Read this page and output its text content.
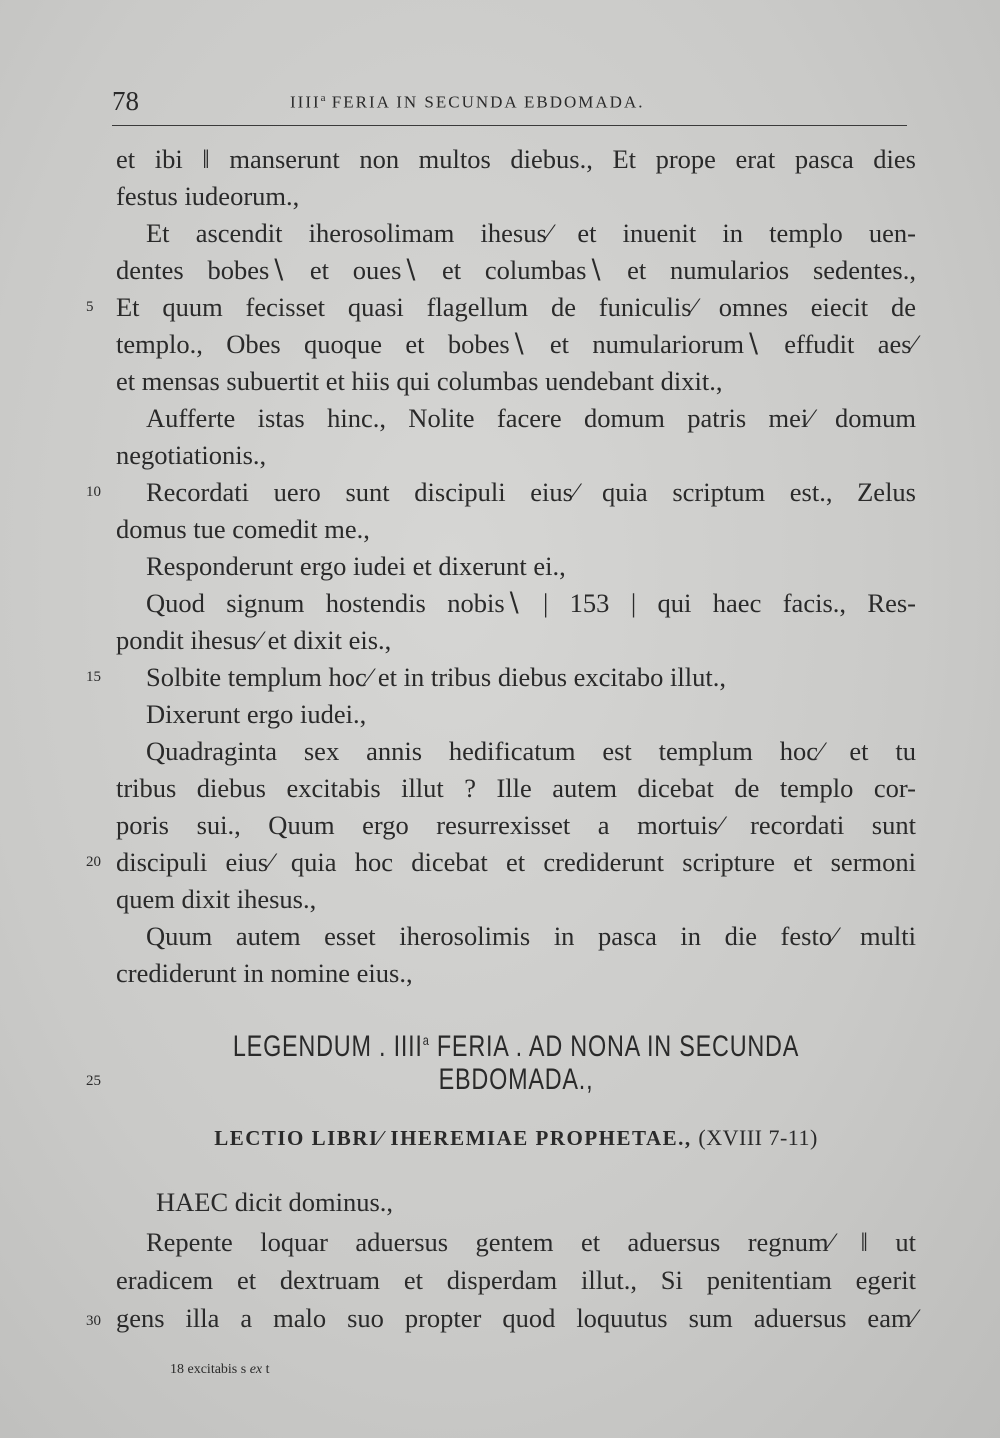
78	IIII$^a$ FERIA IN SECUNDA EBDOMADA.
et ibi ‖ manserunt non multos diebus., Et prope erat pasca dies
festus iudeorum.,
Et ascendit iherosolimam ihesus⁄ et inuenit in templo uen-
dentes bobes∖ et oues∖ et columbas∖ et numularios sedentes.,
Et quum fecisset quasi flagellum de funiculis⁄ omnes eiecit de
templo., Obes quoque et bobes∖ et numulariorum∖ effudit aes⁄
et mensas subuertit et hiis qui columbas uendebant dixit.,
Aufferte istas hinc., Nolite facere domum patris mei⁄ domum
negotiationis.,
Recordati uero sunt discipuli eius⁄ quia scriptum est., Zelus
domus tue comedit me.,
Responderunt ergo iudei et dixerunt ei.,
Quod signum hostendis nobis∖ | 153 | qui haec facis., Res-
pondit ihesus⁄ et dixit eis.,
Solbite templum hoc⁄ et in tribus diebus excitabo illut.,
Dixerunt ergo iudei.,
Quadraginta sex annis hedificatum est templum hoc⁄ et tu
tribus diebus excitabis illut ? Ille autem dicebat de templo cor-
poris sui., Quum ergo resurrexisset a mortuis⁄ recordati sunt
discipuli eius⁄ quia hoc dicebat et crediderunt scripture et sermoni
quem dixit ihesus.,
Quum autem esset iherosolimis in pasca in die festo⁄ multi
crediderunt in nomine eius.,
5
10
15
20
25
30
LEGENDUM . IIII$^a$ FERIA . AD NONA IN SECUNDA
EBDOMADA.,
LECTIO LIBRI⁄ IHEREMIAE PROPHETAE., (XVIII 7-11)
HAEC dicit dominus.,
Repente loquar aduersus gentem et aduersus regnum⁄ ‖ ut
eradicem et dextruam et disperdam illut., Si penitentiam egerit
gens illa a malo suo propter quod loquutus sum aduersus eam⁄
18 excitabis s ex t
